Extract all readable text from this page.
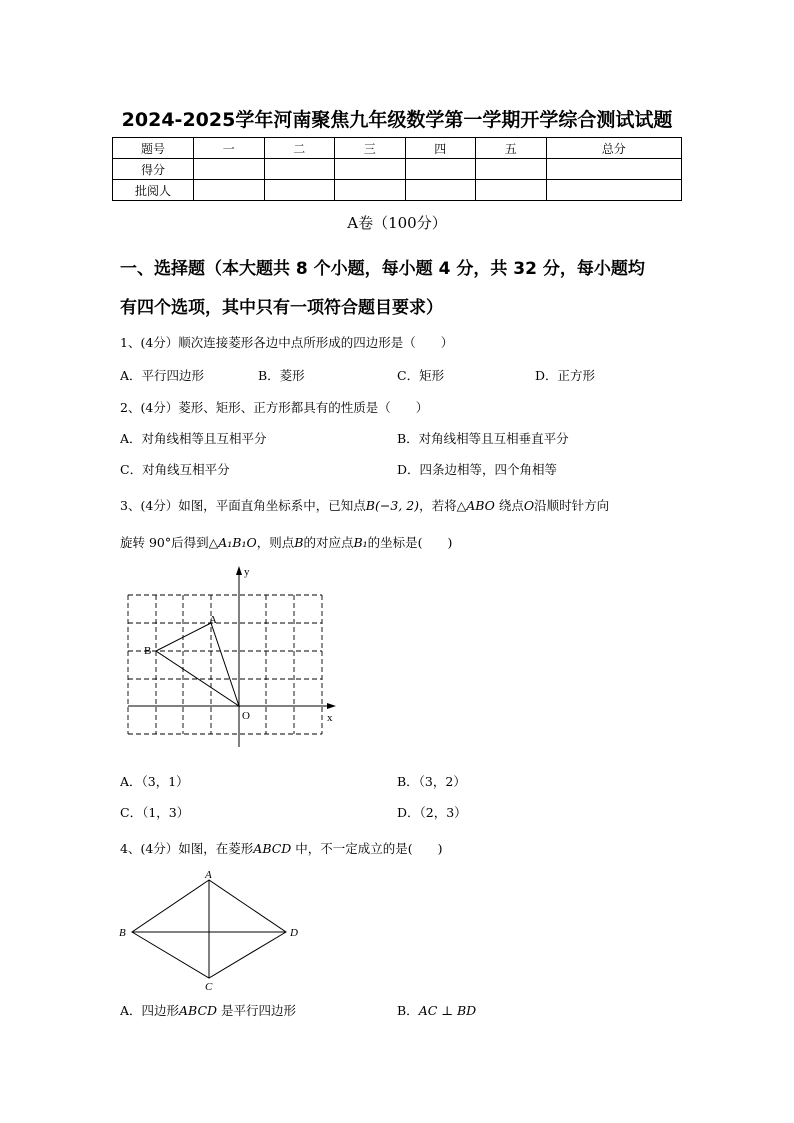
2024-2025学年河南聚焦九年级数学第一学期开学综合测试试题
题号	一	二	三	四	五	总分
得分						
批阅人						
A卷（100分）
一、选择题（本大题共 8 个小题，每小题 4 分，共 32 分，每小题均
有四个选项，其中只有一项符合题目要求）
1、(4分）顺次连接菱形各边中点所形成的四边形是（　　）
A．平行四边形	B．菱形	C．矩形	D．正方形
2、(4分）菱形、矩形、正方形都具有的性质是（　　）
A．对角线相等且互相平分	B．对角线相等且互相垂直平分
C．对角线互相平分	D．四条边相等，四个角相等
3、(4分）如图，平面直角坐标系中，已知点B(−3, 2)，若将△ABO 绕点O沿顺时针方向
旋转 90°后得到△A₁B₁O，则点B的对应点B₁的坐标是(　　)
y
x
A
B
O
A．（3，1）	B．（3，2）
C．（1，3）	D．（2，3）
4、(4分）如图，在菱形ABCD 中，不一定成立的是(　　)
A
B
C
D
A．四边形ABCD 是平行四边形	B．AC ⊥ BD
